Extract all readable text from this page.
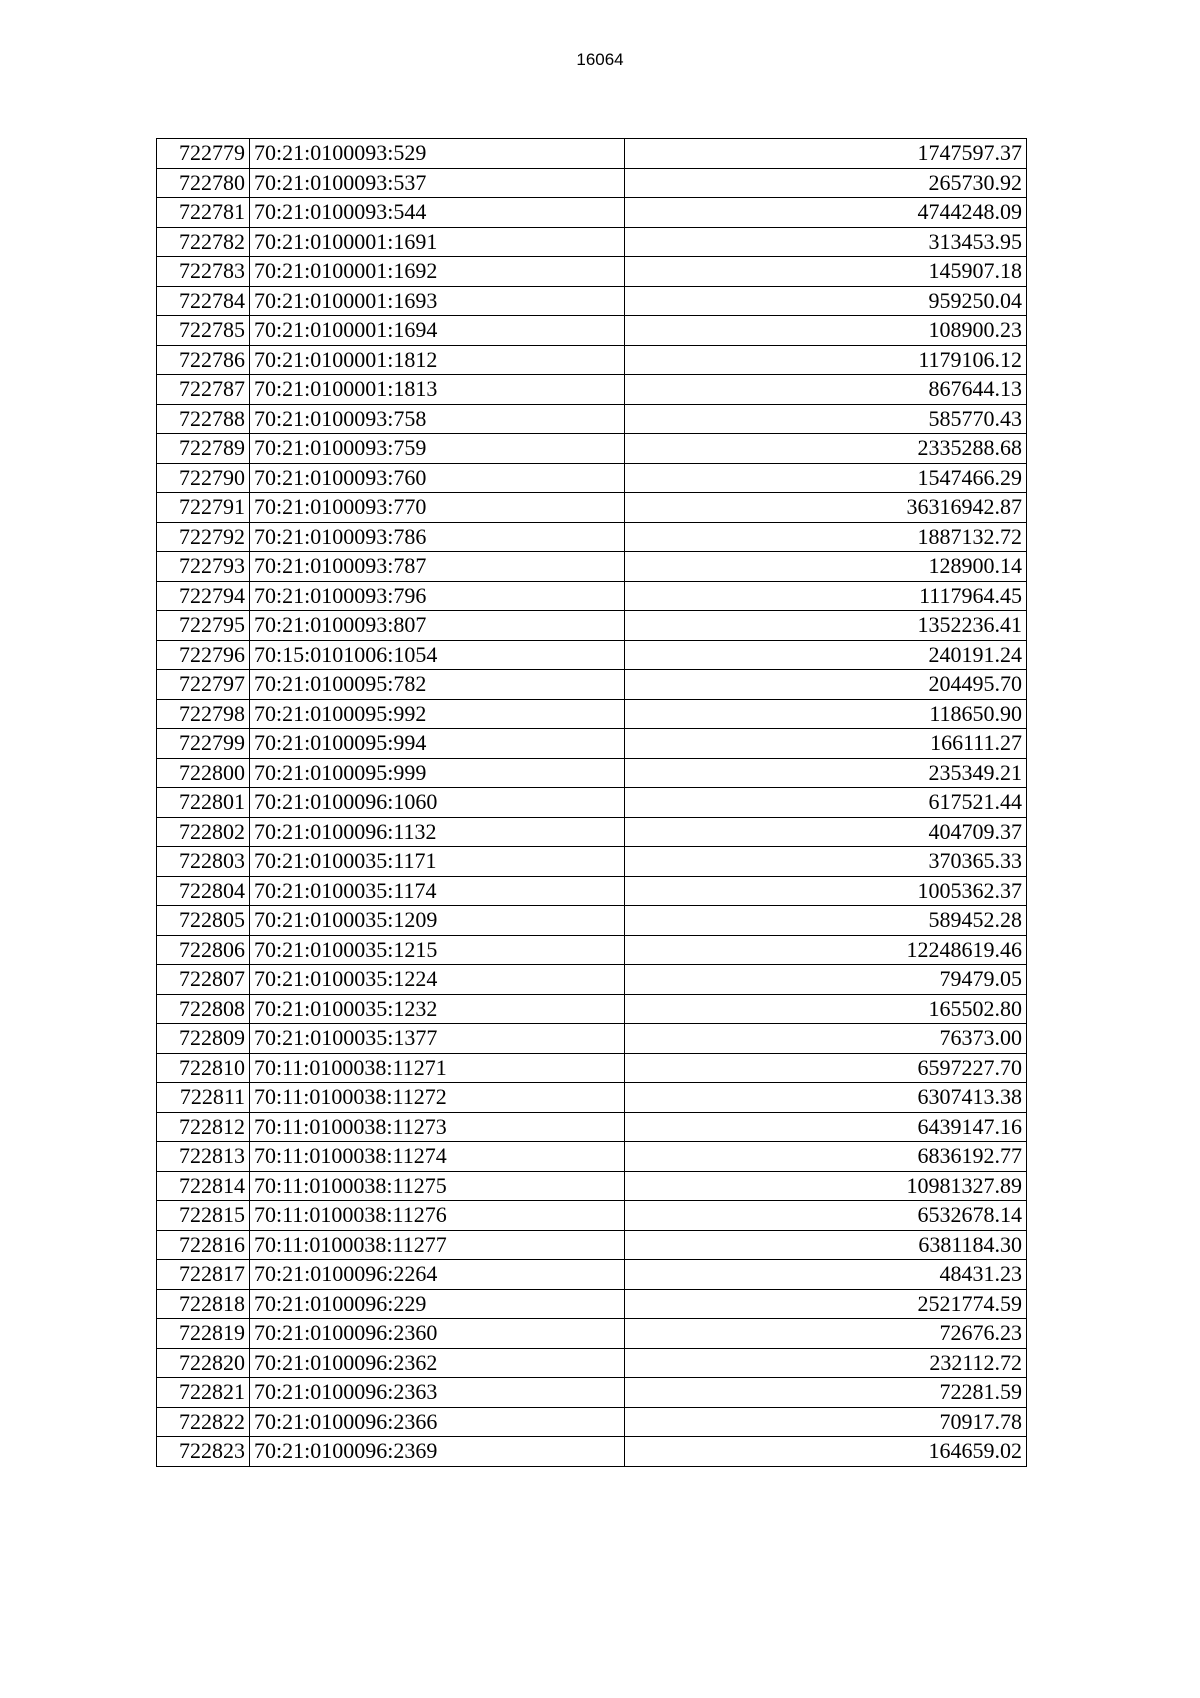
16064
722779	70:21:0100093:529	1747597.37
722780	70:21:0100093:537	265730.92
722781	70:21:0100093:544	4744248.09
722782	70:21:0100001:1691	313453.95
722783	70:21:0100001:1692	145907.18
722784	70:21:0100001:1693	959250.04
722785	70:21:0100001:1694	108900.23
722786	70:21:0100001:1812	1179106.12
722787	70:21:0100001:1813	867644.13
722788	70:21:0100093:758	585770.43
722789	70:21:0100093:759	2335288.68
722790	70:21:0100093:760	1547466.29
722791	70:21:0100093:770	36316942.87
722792	70:21:0100093:786	1887132.72
722793	70:21:0100093:787	128900.14
722794	70:21:0100093:796	1117964.45
722795	70:21:0100093:807	1352236.41
722796	70:15:0101006:1054	240191.24
722797	70:21:0100095:782	204495.70
722798	70:21:0100095:992	118650.90
722799	70:21:0100095:994	166111.27
722800	70:21:0100095:999	235349.21
722801	70:21:0100096:1060	617521.44
722802	70:21:0100096:1132	404709.37
722803	70:21:0100035:1171	370365.33
722804	70:21:0100035:1174	1005362.37
722805	70:21:0100035:1209	589452.28
722806	70:21:0100035:1215	12248619.46
722807	70:21:0100035:1224	79479.05
722808	70:21:0100035:1232	165502.80
722809	70:21:0100035:1377	76373.00
722810	70:11:0100038:11271	6597227.70
722811	70:11:0100038:11272	6307413.38
722812	70:11:0100038:11273	6439147.16
722813	70:11:0100038:11274	6836192.77
722814	70:11:0100038:11275	10981327.89
722815	70:11:0100038:11276	6532678.14
722816	70:11:0100038:11277	6381184.30
722817	70:21:0100096:2264	48431.23
722818	70:21:0100096:229	2521774.59
722819	70:21:0100096:2360	72676.23
722820	70:21:0100096:2362	232112.72
722821	70:21:0100096:2363	72281.59
722822	70:21:0100096:2366	70917.78
722823	70:21:0100096:2369	164659.02
